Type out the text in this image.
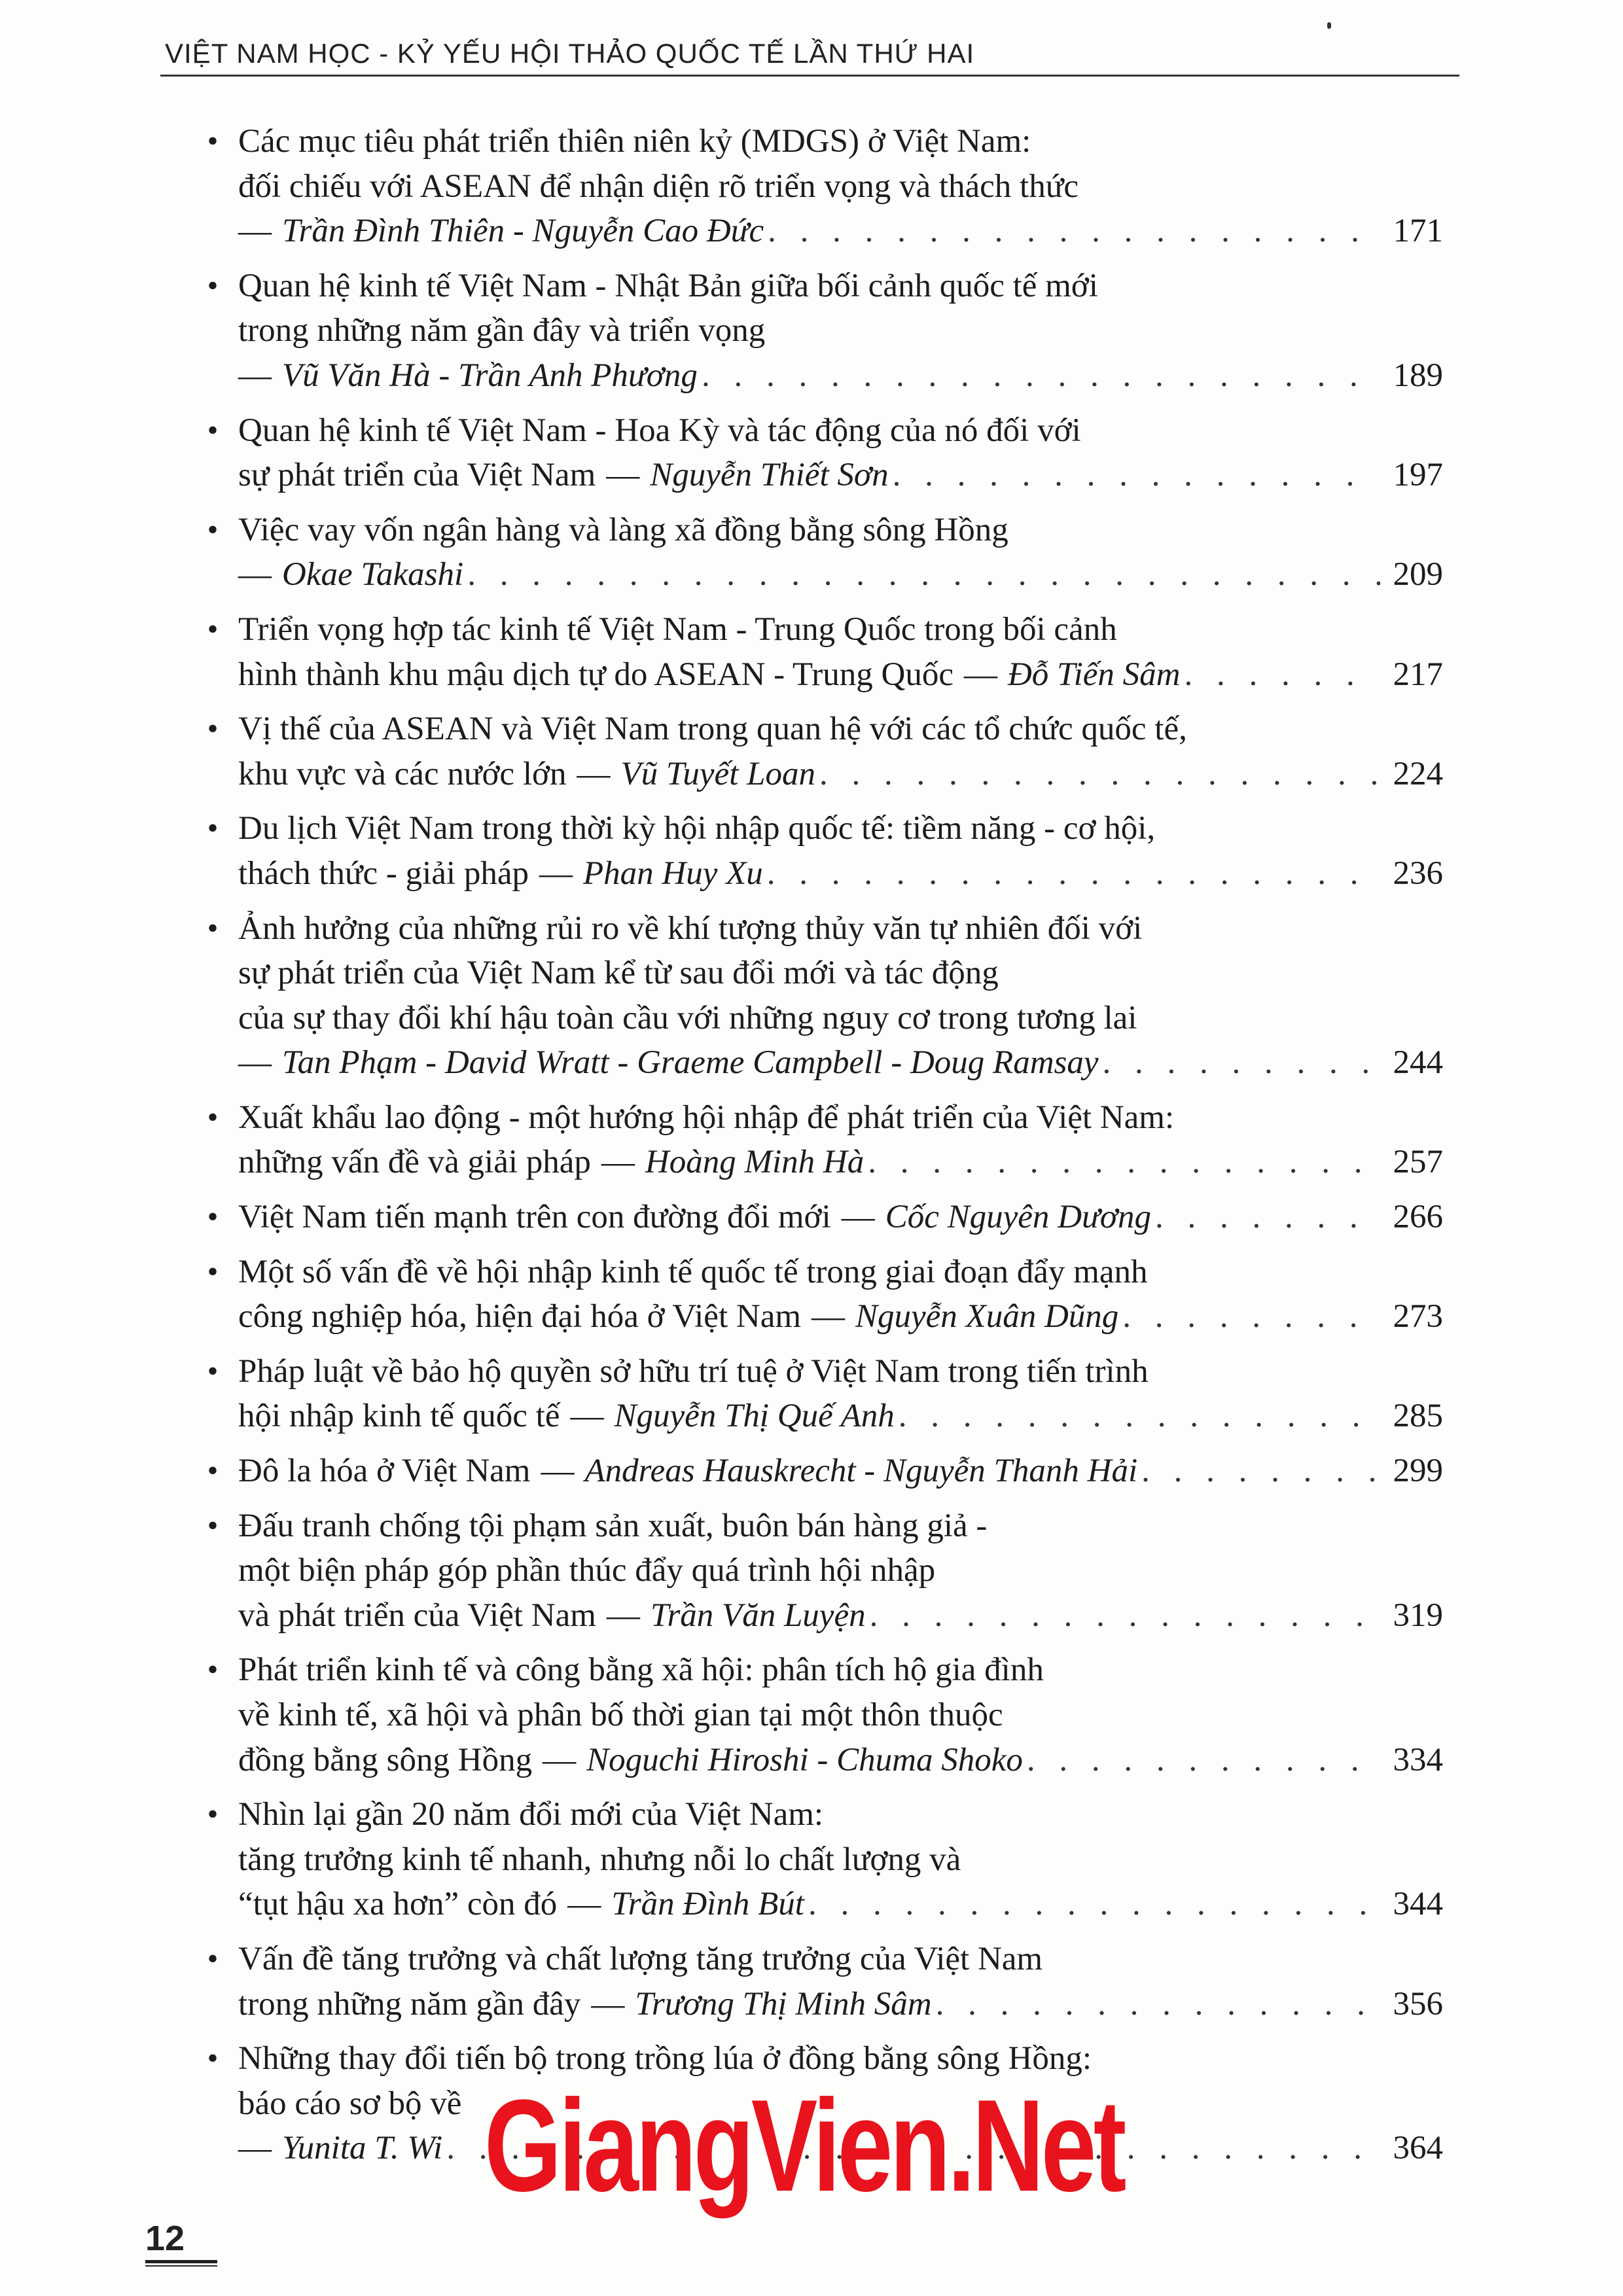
VIỆT NAM HỌC - KỶ YẾU HỘI THẢO QUỐC TẾ LẦN THỨ HAI
• Các mục tiêu phát triển thiên niên kỷ (MDGS) ở Việt Nam:
đối chiếu với ASEAN để nhận diện rõ triển vọng và thách thức
— Trần Đình Thiên - Nguyễn Cao Đức . . .	171
• Quan hệ kinh tế Việt Nam - Nhật Bản giữa bối cảnh quốc tế mới
trong những năm gần đây và triển vọng
— Vũ Văn Hà - Trần Anh Phương . . .	189
• Quan hệ kinh tế Việt Nam - Hoa Kỳ và tác động của nó đối với
sự phát triển của Việt Nam — Nguyễn Thiết Sơn . . .	197
• Việc vay vốn ngân hàng và làng xã đồng bằng sông Hồng
— Okae Takashi . . .	209
• Triển vọng hợp tác kinh tế Việt Nam - Trung Quốc trong bối cảnh
hình thành khu mậu dịch tự do ASEAN - Trung Quốc — Đỗ Tiến Sâm . . .	217
• Vị thế của ASEAN và Việt Nam trong quan hệ với các tổ chức quốc tế,
khu vực và các nước lớn — Vũ Tuyết Loan . . .	224
• Du lịch Việt Nam trong thời kỳ hội nhập quốc tế: tiềm năng - cơ hội,
thách thức - giải pháp — Phan Huy Xu . . .	236
• Ảnh hưởng của những rủi ro về khí tượng thủy văn tự nhiên đối với
sự phát triển của Việt Nam kể từ sau đổi mới và tác động
của sự thay đổi khí hậu toàn cầu với những nguy cơ trong tương lai
— Tan Phạm - David Wratt - Graeme Campbell - Doug Ramsay . . .	244
• Xuất khẩu lao động - một hướng hội nhập để phát triển của Việt Nam:
những vấn đề và giải pháp — Hoàng Minh Hà . . .	257
• Việt Nam tiến mạnh trên con đường đổi mới — Cốc Nguyên Dương . . .	266
• Một số vấn đề về hội nhập kinh tế quốc tế trong giai đoạn đẩy mạnh
công nghiệp hóa, hiện đại hóa ở Việt Nam — Nguyễn Xuân Dũng . . .	273
• Pháp luật về bảo hộ quyền sở hữu trí tuệ ở Việt Nam trong tiến trình
hội nhập kinh tế quốc tế — Nguyễn Thị Quế Anh . . .	285
• Đô la hóa ở Việt Nam — Andreas Hauskrecht - Nguyễn Thanh Hải . . .	299
• Đấu tranh chống tội phạm sản xuất, buôn bán hàng giả -
một biện pháp góp phần thúc đẩy quá trình hội nhập
và phát triển của Việt Nam — Trần Văn Luyện . . .	319
• Phát triển kinh tế và công bằng xã hội: phân tích hộ gia đình
về kinh tế, xã hội và phân bố thời gian tại một thôn thuộc
đồng bằng sông Hồng — Noguchi Hiroshi - Chuma Shoko . . .	334
• Nhìn lại gần 20 năm đổi mới của Việt Nam:
tăng trưởng kinh tế nhanh, nhưng nỗi lo chất lượng và
“tụt hậu xa hơn” còn đó — Trần Đình Bút . . .	344
• Vấn đề tăng trưởng và chất lượng tăng trưởng của Việt Nam
trong những năm gần đây — Trương Thị Minh Sâm . . .	356
• Những thay đổi tiến bộ trong trồng lúa ở đồng bằng sông Hồng:
báo cáo sơ bộ về
— Yunita T. Wi . . .	364
12
GiangVien.Net
